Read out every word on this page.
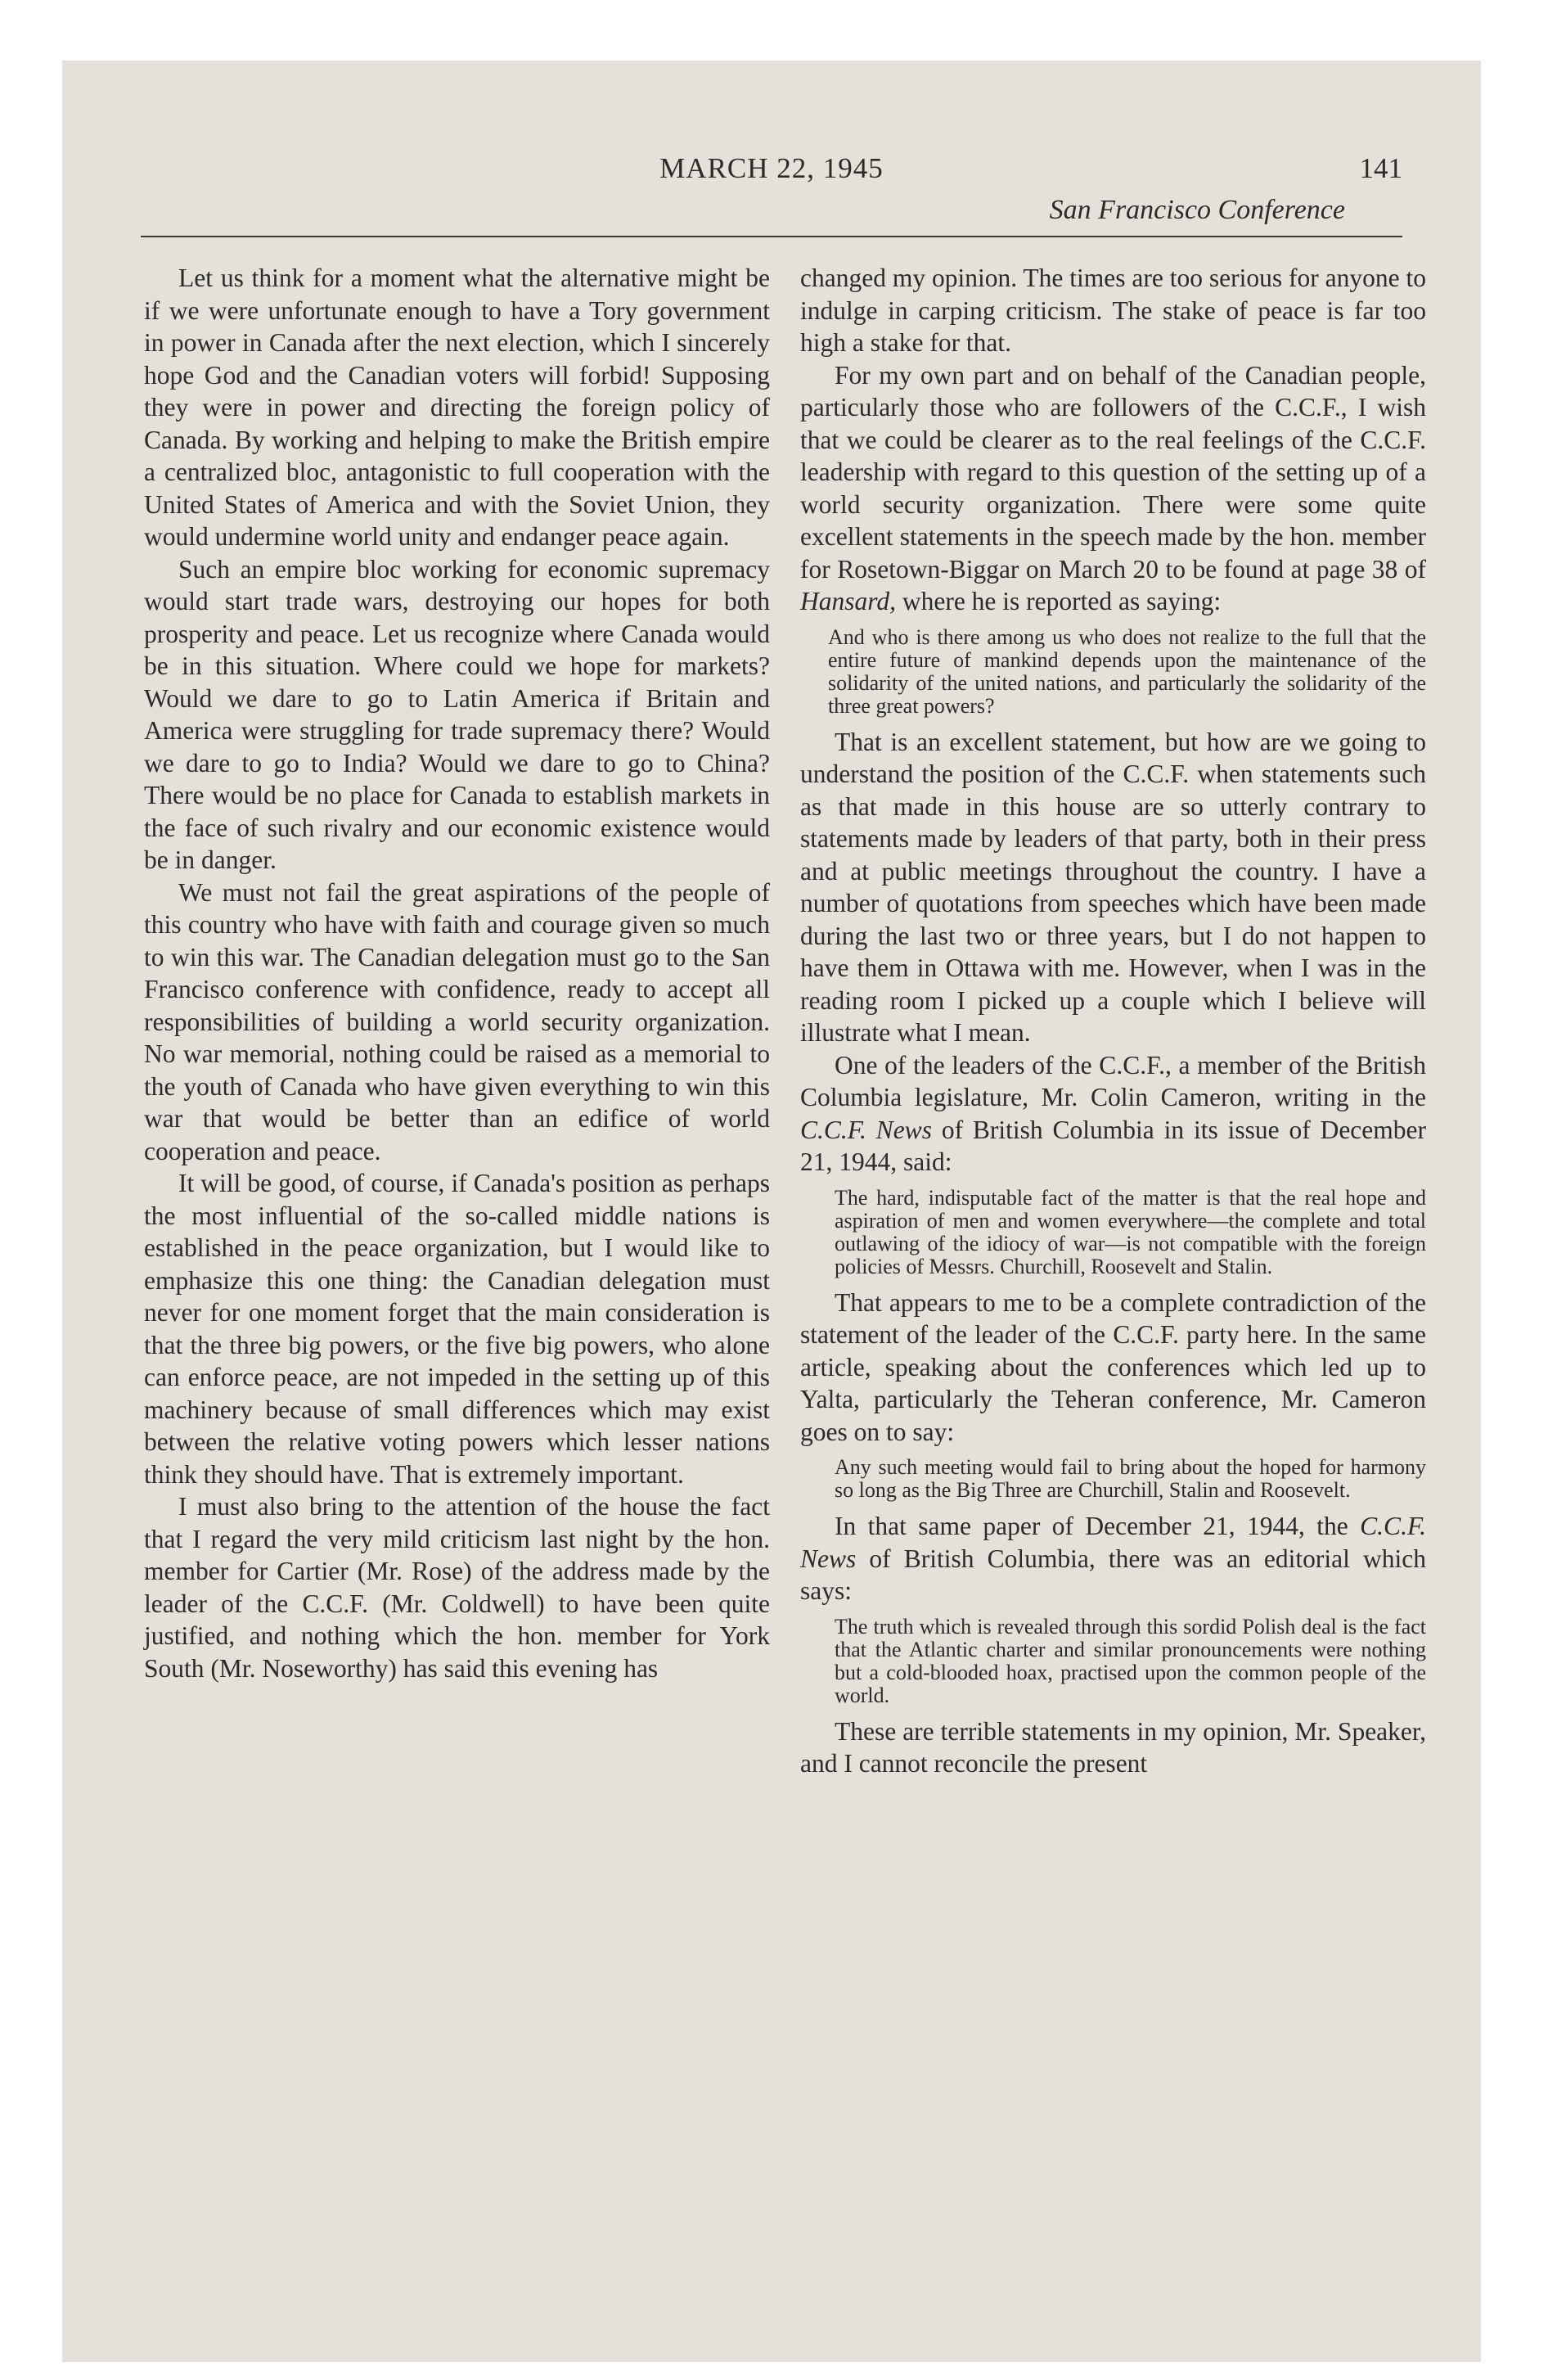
MARCH 22, 1945	141
San Francisco Conference

Let us think for a moment what the alternative might be if we were unfortunate enough to have a Tory government in power in Canada after the next election, which I sincerely hope God and the Canadian voters will forbid! Supposing they were in power and directing the foreign policy of Canada. By working and helping to make the British empire a centralized bloc, antagonistic to full cooperation with the United States of America and with the Soviet Union, they would undermine world unity and endanger peace again.

Such an empire bloc working for economic supremacy would start trade wars, destroying our hopes for both prosperity and peace. Let us recognize where Canada would be in this situation. Where could we hope for markets? Would we dare to go to Latin America if Britain and America were struggling for trade supremacy there? Would we dare to go to India? Would we dare to go to China? There would be no place for Canada to establish markets in the face of such rivalry and our economic existence would be in danger.

We must not fail the great aspirations of the people of this country who have with faith and courage given so much to win this war. The Canadian delegation must go to the San Francisco conference with confidence, ready to accept all responsibilities of building a world security organization. No war memorial, nothing could be raised as a memorial to the youth of Canada who have given everything to win this war that would be better than an edifice of world cooperation and peace.

It will be good, of course, if Canada's position as perhaps the most influential of the so-called middle nations is established in the peace organization, but I would like to emphasize this one thing: the Canadian delegation must never for one moment forget that the main consideration is that the three big powers, or the five big powers, who alone can enforce peace, are not impeded in the setting up of this machinery because of small differences which may exist between the relative voting powers which lesser nations think they should have. That is extremely important.

I must also bring to the attention of the house the fact that I regard the very mild criticism last night by the hon. member for Cartier (Mr. Rose) of the address made by the leader of the C.C.F. (Mr. Coldwell) to have been quite justified, and nothing which the hon. member for York South (Mr. Noseworthy) has said this evening has

changed my opinion. The times are too serious for anyone to indulge in carping criticism. The stake of peace is far too high a stake for that.

For my own part and on behalf of the Canadian people, particularly those who are followers of the C.C.F., I wish that we could be clearer as to the real feelings of the C.C.F. leadership with regard to this question of the setting up of a world security organization. There were some quite excellent statements in the speech made by the hon. member for Rosetown-Biggar on March 20 to be found at page 38 of Hansard, where he is reported as saying:

And who is there among us who does not realize to the full that the entire future of mankind depends upon the maintenance of the solidarity of the united nations, and particularly the solidarity of the three great powers?

That is an excellent statement, but how are we going to understand the position of the C.C.F. when statements such as that made in this house are so utterly contrary to statements made by leaders of that party, both in their press and at public meetings throughout the country. I have a number of quotations from speeches which have been made during the last two or three years, but I do not happen to have them in Ottawa with me. However, when I was in the reading room I picked up a couple which I believe will illustrate what I mean.

One of the leaders of the C.C.F., a member of the British Columbia legislature, Mr. Colin Cameron, writing in the C.C.F. News of British Columbia in its issue of December 21, 1944, said:

The hard, indisputable fact of the matter is that the real hope and aspiration of men and women everywhere—the complete and total outlawing of the idiocy of war—is not compatible with the foreign policies of Messrs. Churchill, Roosevelt and Stalin.

That appears to me to be a complete contradiction of the statement of the leader of the C.C.F. party here. In the same article, speaking about the conferences which led up to Yalta, particularly the Teheran conference, Mr. Cameron goes on to say:

Any such meeting would fail to bring about the hoped for harmony so long as the Big Three are Churchill, Stalin and Roosevelt.

In that same paper of December 21, 1944, the C.C.F. News of British Columbia, there was an editorial which says:

The truth which is revealed through this sordid Polish deal is the fact that the Atlantic charter and similar pronouncements were nothing but a cold-blooded hoax, practised upon the common people of the world.

These are terrible statements in my opinion, Mr. Speaker, and I cannot reconcile the present
